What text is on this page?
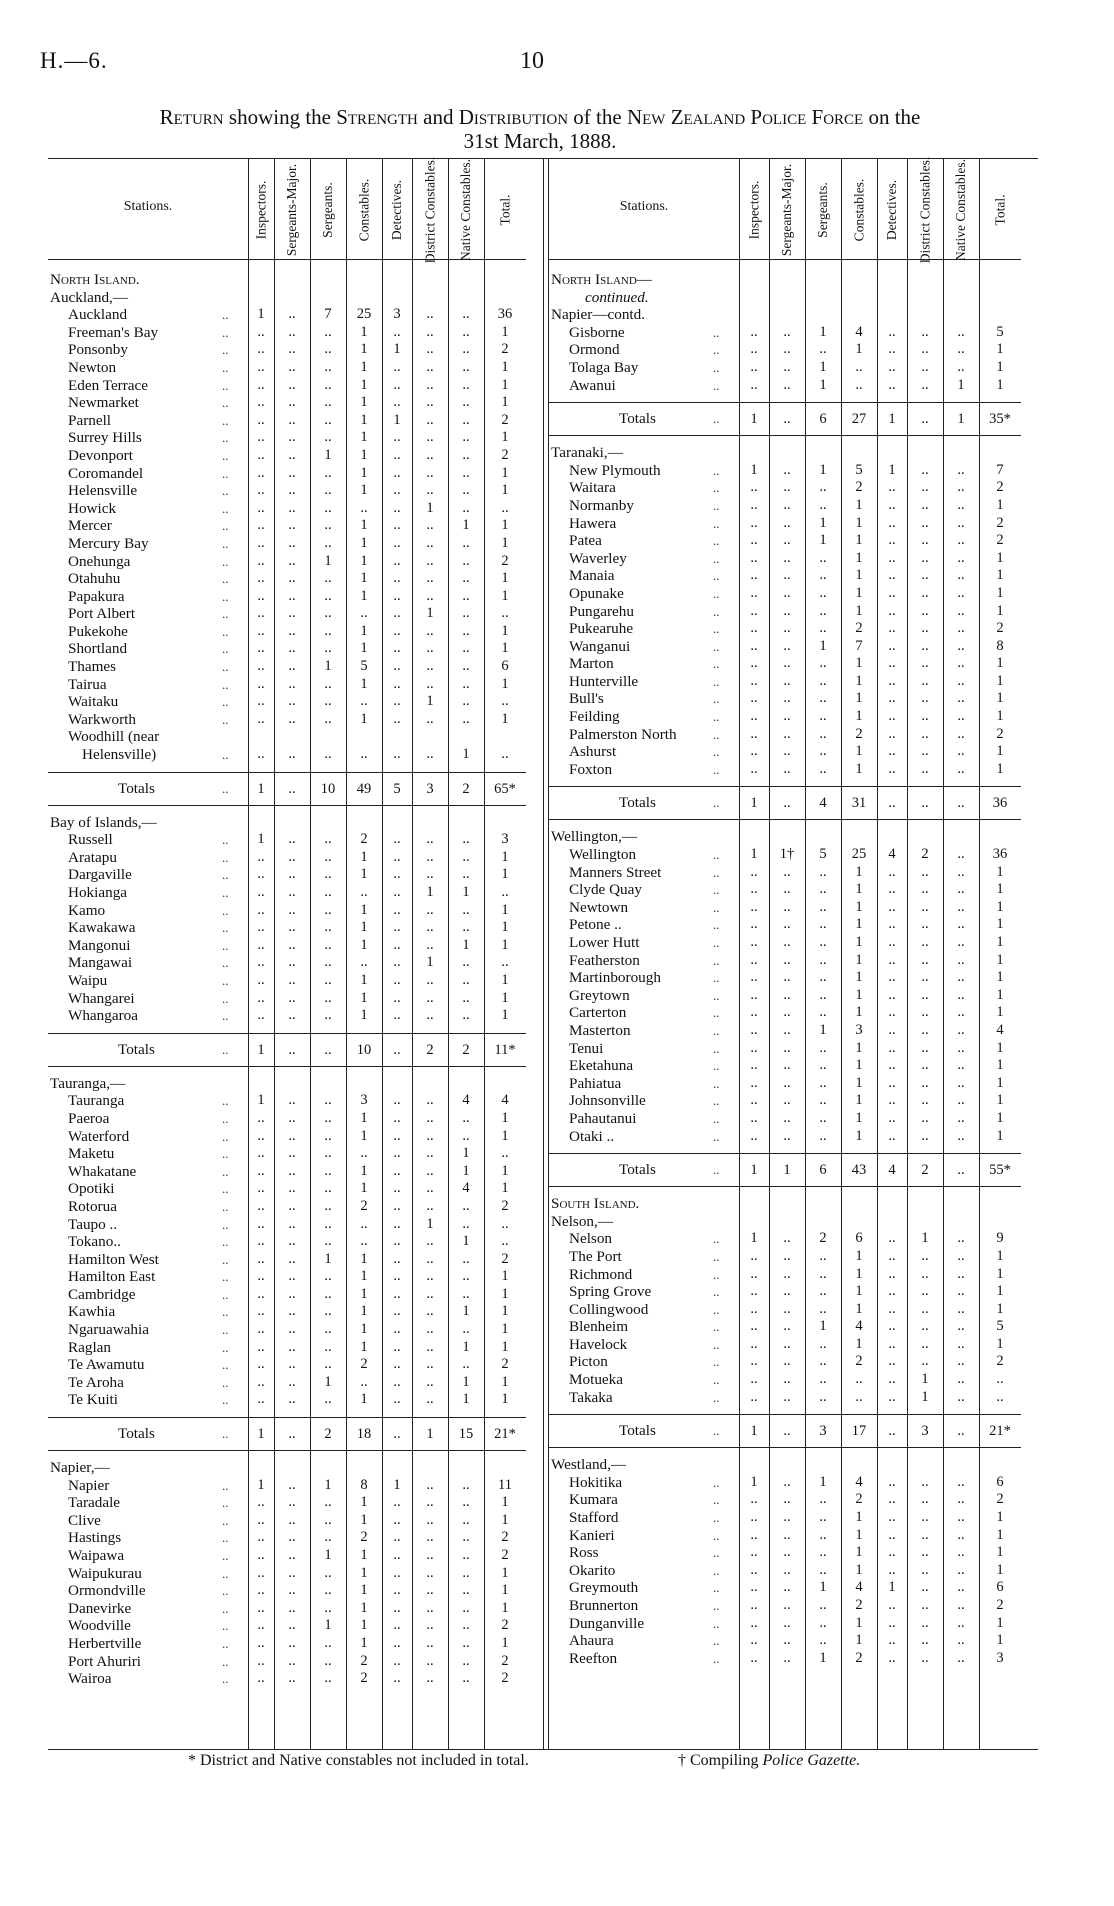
H.—6.	10
Return showing the Strength and Distribution of the New Zealand Police Force on the
31st March, 1888.
Stations.	Inspectors. Sergeants-Major. Sergeants. Constables. Detectives. District Constables. Native Constables. Total.
North Island.
Auckland,—
Auckland	..	1	..	7	25	3	..	..	36
Freeman's Bay	..	..	..	..	1	..	..	..	1
Ponsonby	..	..	..	..	1	1	..	..	2
Newton	..	..	..	..	1	..	..	..	1
Eden Terrace	..	..	..	..	1	..	..	..	1
Newmarket	..	..	..	..	1	..	..	..	1
Parnell	..	..	..	..	1	1	..	..	2
Surrey Hills	..	..	..	..	1	..	..	..	1
Devonport	..	..	..	1	1	..	..	..	2
Coromandel	..	..	..	..	1	..	..	..	1
Helensville	..	..	..	..	1	..	..	..	1
Howick	..	..	..	..	..	..	1	..	..
Mercer	..	..	..	..	1	..	..	1	1
Mercury Bay	..	..	..	..	1	..	..	..	1
Onehunga	..	..	..	1	1	..	..	..	2
Otahuhu	..	..	..	..	1	..	..	..	1
Papakura	..	..	..	..	1	..	..	..	1
Port Albert	..	..	..	..	..	..	1	..	..
Pukekohe	..	..	..	..	1	..	..	..	1
Shortland	..	..	..	..	1	..	..	..	1
Thames	..	..	..	1	5	..	..	..	6
Tairua	..	..	..	..	1	..	..	..	1
Waitaku	..	..	..	..	..	..	1	..	..
Warkworth	..	..	..	..	1	..	..	..	1
Woodhill (near
Helensville)	..	..	..	..	..	..	..	1	..
Totals	..	1	..	10	49	5	3	2	65*
Bay of Islands,—
Russell	..	1	..	..	2	..	..	..	3
Aratapu	..	..	..	..	1	..	..	..	1
Dargaville	..	..	..	..	1	..	..	..	1
Hokianga	..	..	..	..	..	..	1	1	..
Kamo	..	..	..	..	1	..	..	..	1
Kawakawa	..	..	..	..	1	..	..	..	1
Mangonui	..	..	..	..	1	..	..	1	1
Mangawai	..	..	..	..	..	..	1	..	..
Waipu	..	..	..	..	1	..	..	..	1
Whangarei	..	..	..	..	1	..	..	..	1
Whangaroa	..	..	..	..	1	..	..	..	1
Totals	..	1	..	..	10	..	2	2	11*
Tauranga,—
Tauranga	..	1	..	..	3	..	..	4	4
Paeroa	..	..	..	..	1	..	..	..	1
Waterford	..	..	..	..	1	..	..	..	1
Maketu	..	..	..	..	..	..	..	1	..
Whakatane	..	..	..	..	1	..	..	1	1
Opotiki	..	..	..	..	1	..	..	4	1
Rotorua	..	..	..	..	2	..	..	..	2
Taupo ..	..	..	..	..	..	..	1	..	..
Tokano..	..	..	..	..	..	..	..	1	..
Hamilton West	..	..	..	1	1	..	..	..	2
Hamilton East	..	..	..	..	1	..	..	..	1
Cambridge	..	..	..	..	1	..	..	..	1
Kawhia	..	..	..	..	1	..	..	1	1
Ngaruawahia	..	..	..	..	1	..	..	..	1
Raglan	..	..	..	..	1	..	..	1	1
Te Awamutu	..	..	..	..	2	..	..	..	2
Te Aroha	..	..	..	1	..	..	..	1	1
Te Kuiti	..	..	..	..	1	..	..	1	1
Totals	..	1	..	2	18	..	1	15	21*
Napier,—
Napier	..	1	..	1	8	1	..	..	11
Taradale	..	..	..	..	1	..	..	..	1
Clive	..	..	..	..	1	..	..	..	1
Hastings	..	..	..	..	2	..	..	..	2
Waipawa	..	..	..	1	1	..	..	..	2
Waipukurau	..	..	..	..	1	..	..	..	1
Ormondville	..	..	..	..	1	..	..	..	1
Danevirke	..	..	..	..	1	..	..	..	1
Woodville	..	..	..	1	1	..	..	..	2
Herbertville	..	..	..	..	1	..	..	..	1
Port Ahuriri	..	..	..	..	2	..	..	..	2
Wairoa	..	..	..	..	2	..	..	..	2
Stations.	Inspectors. Sergeants-Major. Sergeants. Constables. Detectives. District Constables. Native Constables. Total.
North Island—
continued.
Napier—contd.
Gisborne	..	..	..	1	4	..	..	..	5
Ormond	..	..	..	..	1	..	..	..	1
Tolaga Bay	..	..	..	1	..	..	..	..	1
Awanui	..	..	..	1	..	..	..	1	1
Totals	..	1	..	6	27	1	..	1	35*
Taranaki,—
New Plymouth	..	1	..	1	5	1	..	..	7
Waitara	..	..	..	..	2	..	..	..	2
Normanby	..	..	..	..	1	..	..	..	1
Hawera	..	..	..	1	1	..	..	..	2
Patea	..	..	..	1	1	..	..	..	2
Waverley	..	..	..	..	1	..	..	..	1
Manaia	..	..	..	..	1	..	..	..	1
Opunake	..	..	..	..	1	..	..	..	1
Pungarehu	..	..	..	..	1	..	..	..	1
Pukearuhe	..	..	..	..	2	..	..	..	2
Wanganui	..	..	..	1	7	..	..	..	8
Marton	..	..	..	..	1	..	..	..	1
Hunterville	..	..	..	..	1	..	..	..	1
Bull's	..	..	..	..	1	..	..	..	1
Feilding	..	..	..	..	1	..	..	..	1
Palmerston North	..	..	..	..	2	..	..	..	2
Ashurst	..	..	..	..	1	..	..	..	1
Foxton	..	..	..	..	1	..	..	..	1
Totals	..	1	..	4	31	..	..	..	36
Wellington,—
Wellington	..	1	1†	5	25	4	2	..	36
Manners Street	..	..	..	..	1	..	..	..	1
Clyde Quay	..	..	..	..	1	..	..	..	1
Newtown	..	..	..	..	1	..	..	..	1
Petone ..	..	..	..	..	1	..	..	..	1
Lower Hutt	..	..	..	..	1	..	..	..	1
Featherston	..	..	..	..	1	..	..	..	1
Martinborough	..	..	..	..	1	..	..	..	1
Greytown	..	..	..	..	1	..	..	..	1
Carterton	..	..	..	..	1	..	..	..	1
Masterton	..	..	..	1	3	..	..	..	4
Tenui	..	..	..	..	1	..	..	..	1
Eketahuna	..	..	..	..	1	..	..	..	1
Pahiatua	..	..	..	..	1	..	..	..	1
Johnsonville	..	..	..	..	1	..	..	..	1
Pahautanui	..	..	..	..	1	..	..	..	1
Otaki ..	..	..	..	..	1	..	..	..	1
Totals	..	1	1	6	43	4	2	..	55*
South Island.
Nelson,—
Nelson	..	1	..	2	6	..	1	..	9
The Port	..	..	..	..	1	..	..	..	1
Richmond	..	..	..	..	1	..	..	..	1
Spring Grove	..	..	..	..	1	..	..	..	1
Collingwood	..	..	..	..	1	..	..	..	1
Blenheim	..	..	..	1	4	..	..	..	5
Havelock	..	..	..	..	1	..	..	..	1
Picton	..	..	..	..	2	..	..	..	2
Motueka	..	..	..	..	..	..	1	..	..
Takaka	..	..	..	..	..	..	1	..	..
Totals	..	1	..	3	17	..	3	..	21*
Westland,—
Hokitika	..	1	..	1	4	..	..	..	6
Kumara	..	..	..	..	2	..	..	..	2
Stafford	..	..	..	..	1	..	..	..	1
Kanieri	..	..	..	..	1	..	..	..	1
Ross	..	..	..	..	1	..	..	..	1
Okarito	..	..	..	..	1	..	..	..	1
Greymouth	..	..	..	1	4	1	..	..	6
Brunnerton	..	..	..	..	2	..	..	..	2
Dunganville	..	..	..	..	1	..	..	..	1
Ahaura	..	..	..	..	1	..	..	..	1
Reefton	..	..	..	1	2	..	..	..	3
* District and Native constables not included in total.	† Compiling Police Gazette.
